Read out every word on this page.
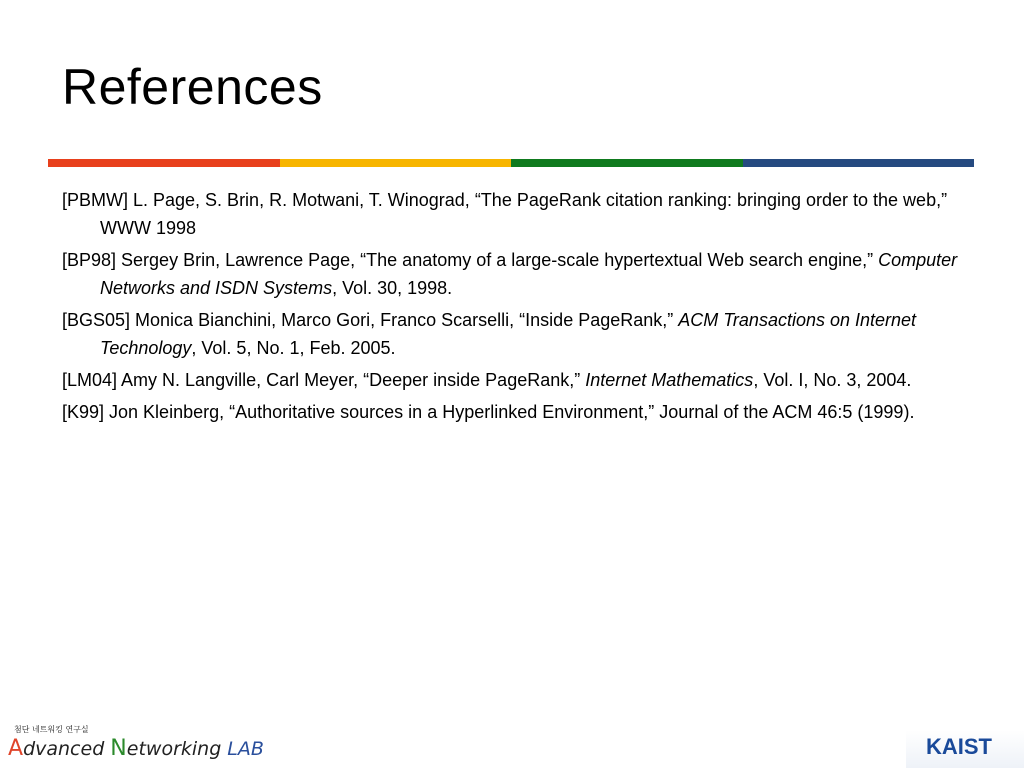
References
[PBMW] L. Page, S. Brin, R. Motwani, T. Winograd, “The PageRank citation ranking: bringing order to the web,” WWW 1998
[BP98] Sergey Brin, Lawrence Page, “The anatomy of a large-scale hypertextual Web search engine,” Computer Networks and ISDN Systems, Vol. 30, 1998.
[BGS05] Monica Bianchini, Marco Gori, Franco Scarselli, “Inside PageRank,” ACM Transactions on Internet Technology, Vol. 5, No. 1, Feb. 2005.
[LM04] Amy N. Langville, Carl Meyer, “Deeper inside PageRank,” Internet Mathematics, Vol. I, No. 3, 2004.
[K99] Jon Kleinberg, “Authoritative sources in a Hyperlinked Environment,” Journal of the ACM 46:5 (1999).
첨단 네트워킹 연구실
Advanced Networking LAB	KAIST
